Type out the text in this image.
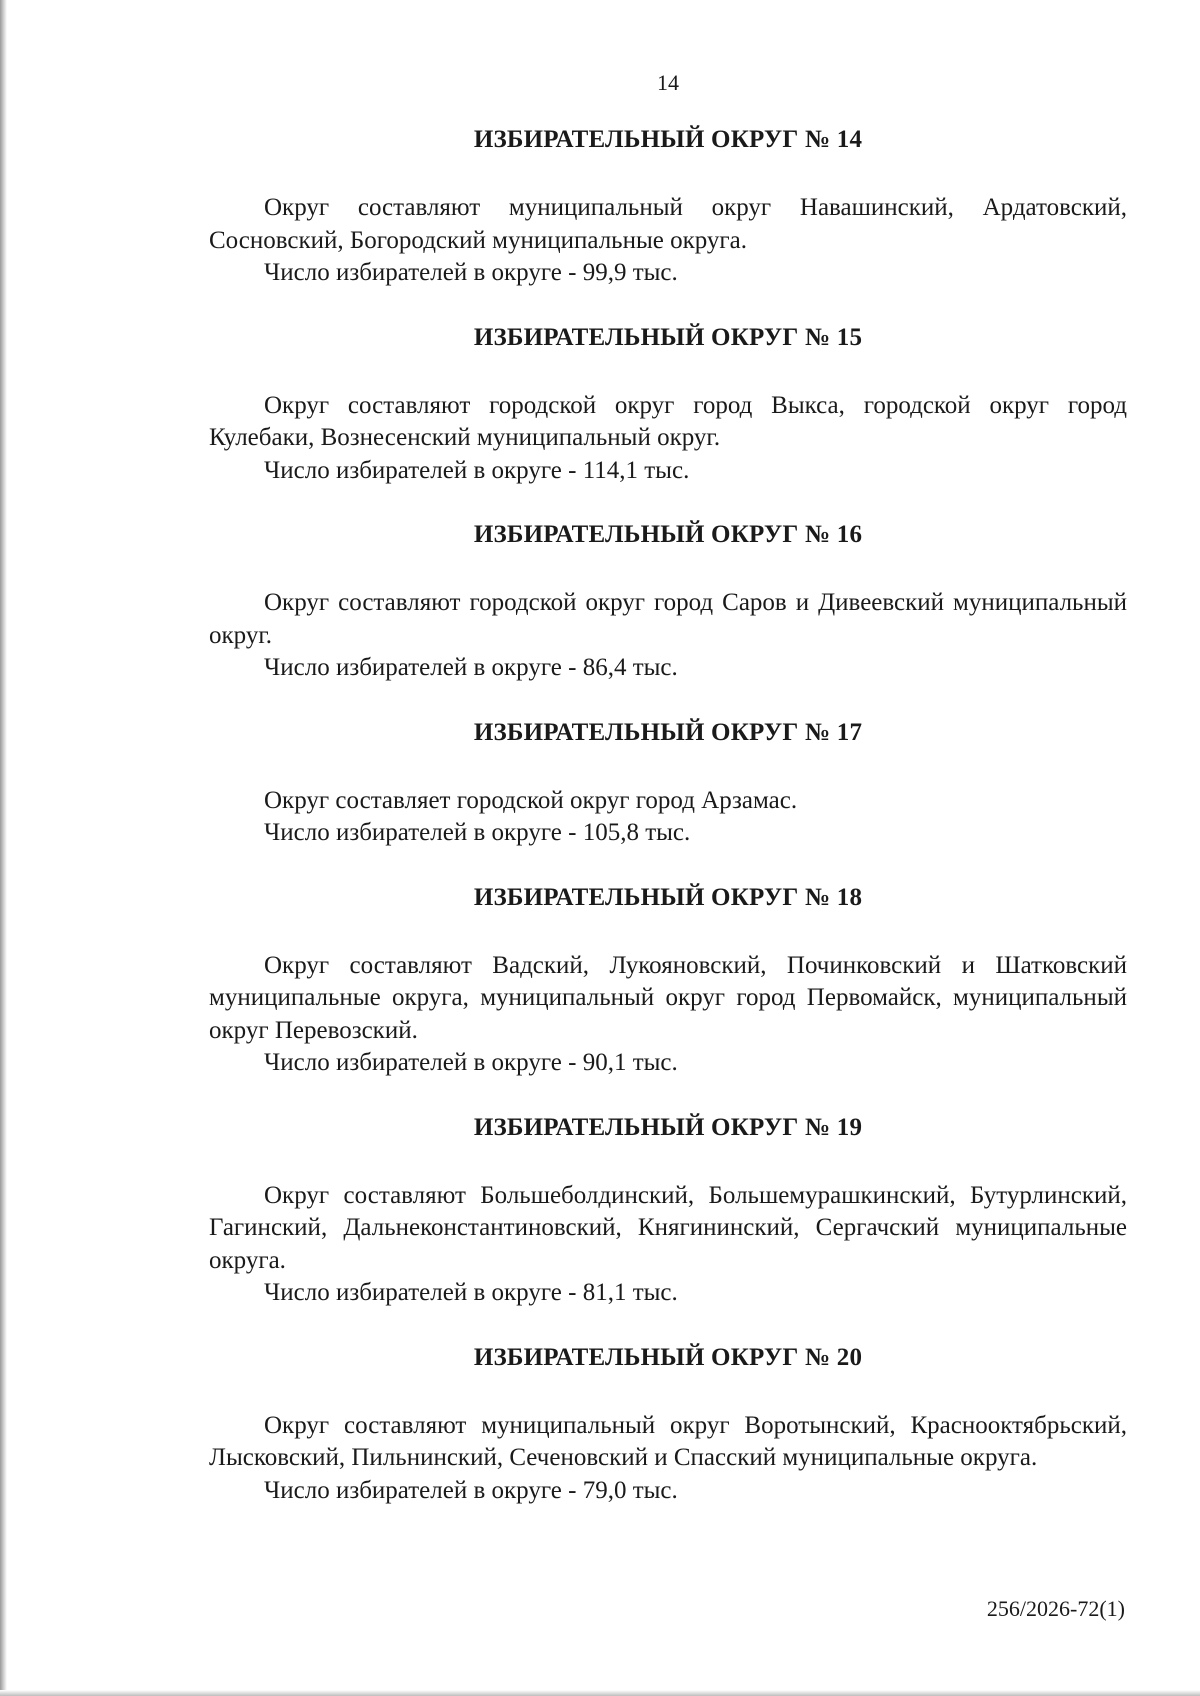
14
ИЗБИРАТЕЛЬНЫЙ ОКРУГ № 14

Округ составляют муниципальный округ Навашинский, Ардатовский, Сосновский, Богородский муниципальные округа.

Число избирателей в округе - 99,9 тыс.

ИЗБИРАТЕЛЬНЫЙ ОКРУГ № 15

Округ составляют городской округ город Выкса, городской округ город Кулебаки, Вознесенский муниципальный округ.

Число избирателей в округе - 114,1 тыс.

ИЗБИРАТЕЛЬНЫЙ ОКРУГ № 16

Округ составляют городской округ город Саров и Дивеевский муниципальный округ.

Число избирателей в округе - 86,4 тыс.

ИЗБИРАТЕЛЬНЫЙ ОКРУГ № 17

Округ составляет городской округ город Арзамас.

Число избирателей в округе - 105,8 тыс.

ИЗБИРАТЕЛЬНЫЙ ОКРУГ № 18

Округ составляют Вадский, Лукояновский, Починковский и Шатковский муниципальные округа, муниципальный округ город Первомайск, муниципальный округ Перевозский.

Число избирателей в округе - 90,1 тыс.

ИЗБИРАТЕЛЬНЫЙ ОКРУГ № 19

Округ составляют Большеболдинский, Большемурашкинский, Бутурлинский, Гагинский, Дальнеконстантиновский, Княгининский, Сергачский муниципальные округа.

Число избирателей в округе - 81,1 тыс.

ИЗБИРАТЕЛЬНЫЙ ОКРУГ № 20

Округ составляют муниципальный округ Воротынский, Краснооктябрьский, Лысковский, Пильнинский, Сеченовский и Спасский муниципальные округа.

Число избирателей в округе - 79,0 тыс.

256/2026-72(1)
